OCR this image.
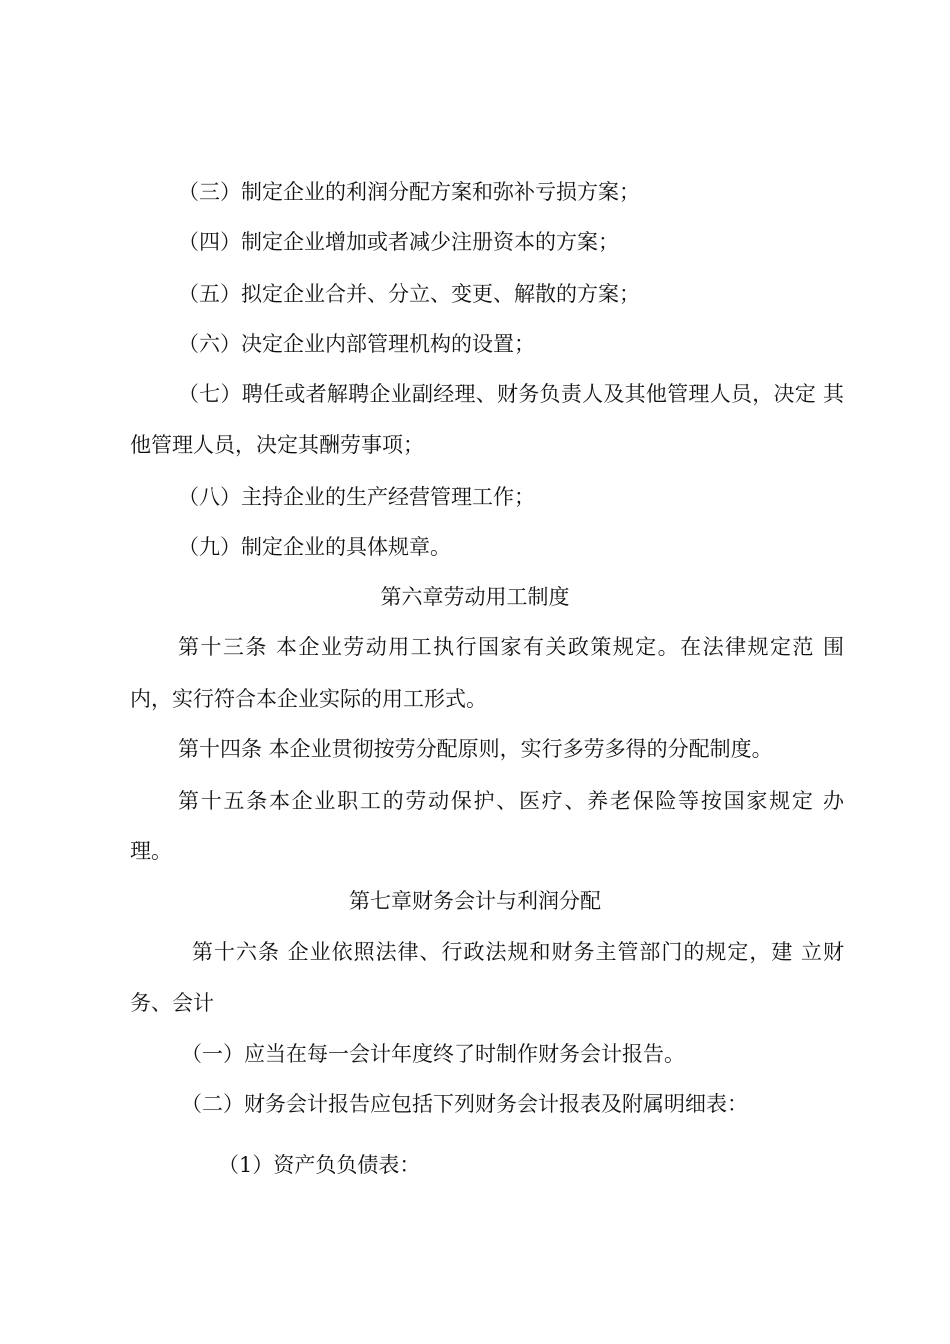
（三）制定企业的利润分配方案和弥补亏损方案；

（四）制定企业增加或者减少注册资本的方案；

（五）拟定企业合并、分立、变更、解散的方案；

（六）决定企业内部管理机构的设置；

（七）聘任或者解聘企业副经理、财务负责人及其他管理人员，决定 其

他管理人员，决定其酬劳事项；

（八）主持企业的生产经营管理工作；

（九）制定企业的具体规章。

第六章劳动用工制度

第十三条 本企业劳动用工执行国家有关政策规定。在法律规定范 围

内，实行符合本企业实际的用工形式。

第十四条 本企业贯彻按劳分配原则，实行多劳多得的分配制度。

第十五条本企业职工的劳动保护、医疗、养老保险等按国家规定 办

理。

第七章财务会计与利润分配

第十六条 企业依照法律、行政法规和财务主管部门的规定，建 立财

务、会计

（一）应当在每一会计年度终了时制作财务会计报告。

（二）财务会计报告应包括下列财务会计报表及附属明细表：

（1）资产负负债表：
